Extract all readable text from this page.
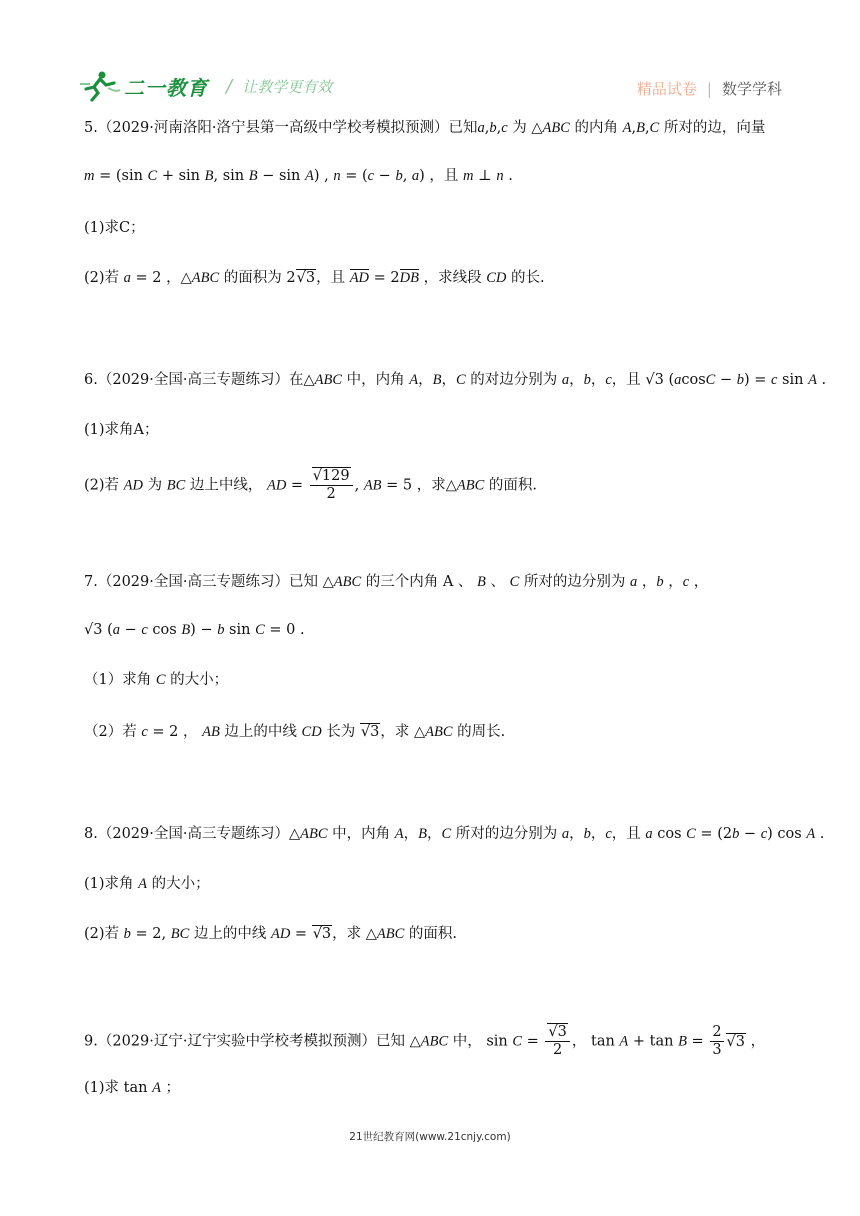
二一教育 / 让教学更有效	精品试卷 | 数学学科
5.（2029·河南洛阳·洛宁县第一高级中学校考模拟预测）已知a,b,c 为 △ABC 的内角 A,B,C 所对的边，向量
m = (sin C + sin B, sin B − sin A) , n = (c − b, a) ，且 m ⊥ n .
(1)求C；
(2)若 a = 2 ，△ABC 的面积为 2√3，且 AD = 2DB ，求线段 CD 的长.
6.（2029·全国·高三专题练习）在△ABC 中，内角 A，B，C 的对边分别为 a，b，c，且 √3 (acosC − b) = c sin A .
(1)求角A；
(2)若 AD 为 BC 边上中线， AD = $\frac{√129}{2}$ , AB = 5 ，求△ABC 的面积.
7.（2029·全国·高三专题练习）已知 △ABC 的三个内角 A 、 B 、 C 所对的边分别为 a ，b ，c ，
√3 (a − c cos B) − b sin C = 0 .
（1）求角 C 的大小；
（2）若 c = 2 ， AB 边上的中线 CD 长为 √3，求 △ABC 的周长.
8.（2029·全国·高三专题练习）△ABC 中，内角 A，B，C 所对的边分别为 a，b，c，且 a cos C = (2b − c) cos A .
(1)求角 A 的大小；
(2)若 b = 2, BC 边上的中线 AD = √3，求 △ABC 的面积.
9.（2029·辽宁·辽宁实验中学校考模拟预测）已知 △ABC 中， $\sin C = \frac{√3}{2}$ ， $\tan A + \tan B = \frac{2}{3} √3$ ，
(1)求 tan A ；
21世纪教育网(www.21cnjy.com)
